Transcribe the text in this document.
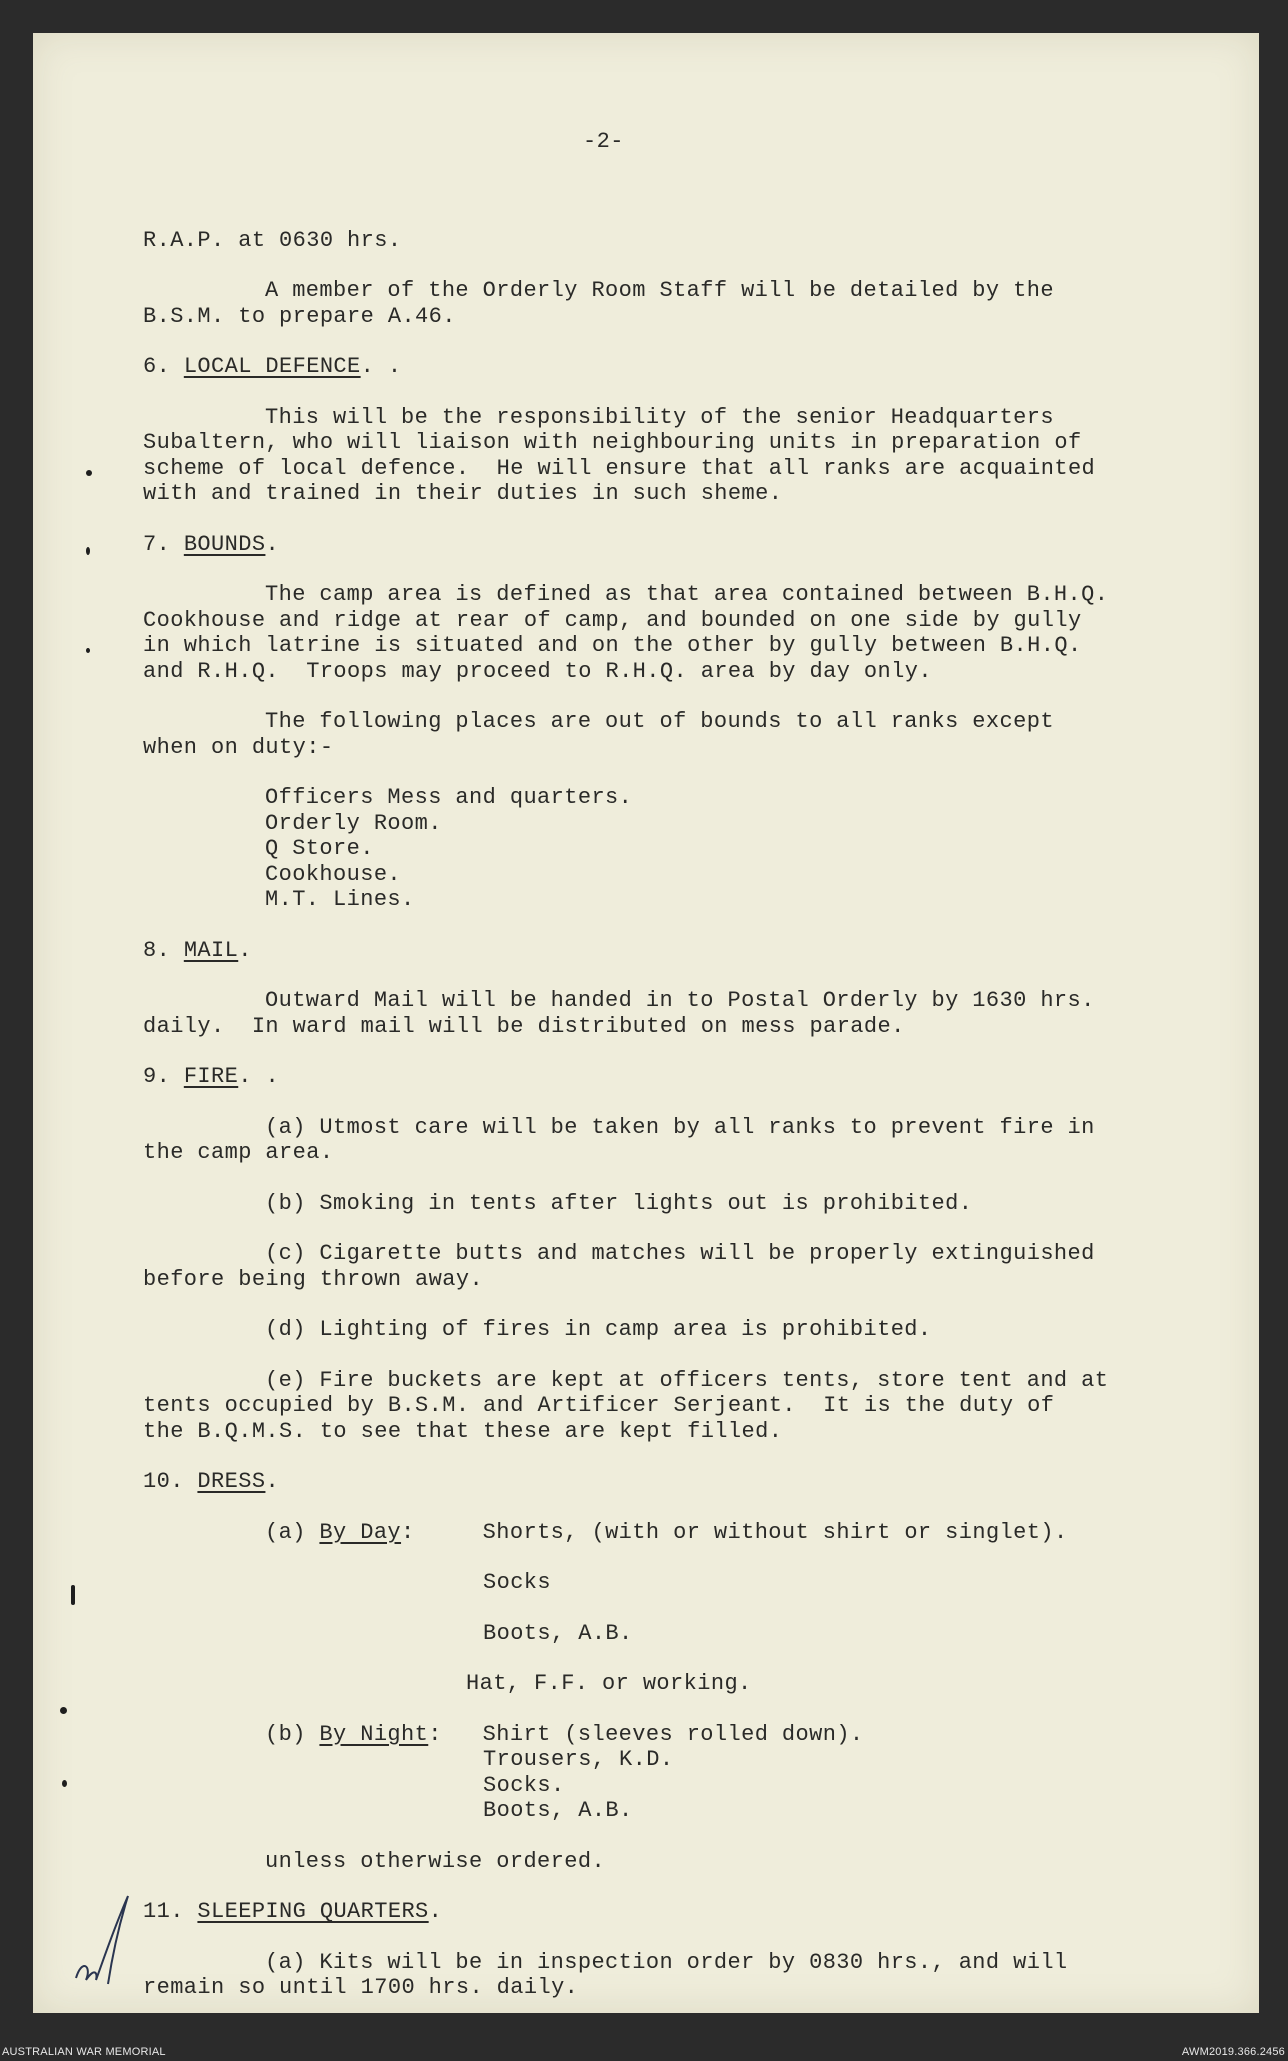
-2-

R.A.P. at 0630 hrs.

A member of the Orderly Room Staff will be detailed by the

B.S.M. to prepare A.46.

6. LOCAL DEFENCE. .

This will be the responsibility of the senior Headquarters

Subaltern, who will liaison with neighbouring units in preparation of

scheme of local defence.  He will ensure that all ranks are acquainted

with and trained in their duties in such sheme.

7. BOUNDS.

The camp area is defined as that area contained between B.H.Q.

Cookhouse and ridge at rear of camp, and bounded on one side by gully

in which latrine is situated and on the other by gully between B.H.Q.

and R.H.Q.  Troops may proceed to R.H.Q. area by day only.

The following places are out of bounds to all ranks except

when on duty:-

Officers Mess and quarters.

Orderly Room.

Q Store.

Cookhouse.

M.T. Lines.

8. MAIL.

Outward Mail will be handed in to Postal Orderly by 1630 hrs.

daily.  In ward mail will be distributed on mess parade.

9. FIRE. .

(a) Utmost care will be taken by all ranks to prevent fire in

the camp area.

(b) Smoking in tents after lights out is prohibited.

(c) Cigarette butts and matches will be properly extinguished

before being thrown away.

(d) Lighting of fires in camp area is prohibited.

(e) Fire buckets are kept at officers tents, store tent and at

tents occupied by B.S.M. and Artificer Serjeant.  It is the duty of

the B.Q.M.S. to see that these are kept filled.

10. DRESS.

(a) By Day:     Shorts, (with or without shirt or singlet).

Socks

Boots, A.B.

Hat, F.F. or working.

(b) By Night:   Shirt (sleeves rolled down).

Trousers, K.D.

Socks.

Boots, A.B.

unless otherwise ordered.

11. SLEEPING QUARTERS.

(a) Kits will be in inspection order by 0830 hrs., and will

remain so until 1700 hrs. daily.

AUSTRALIAN WAR MEMORIAL	AWM2019.366.2456
